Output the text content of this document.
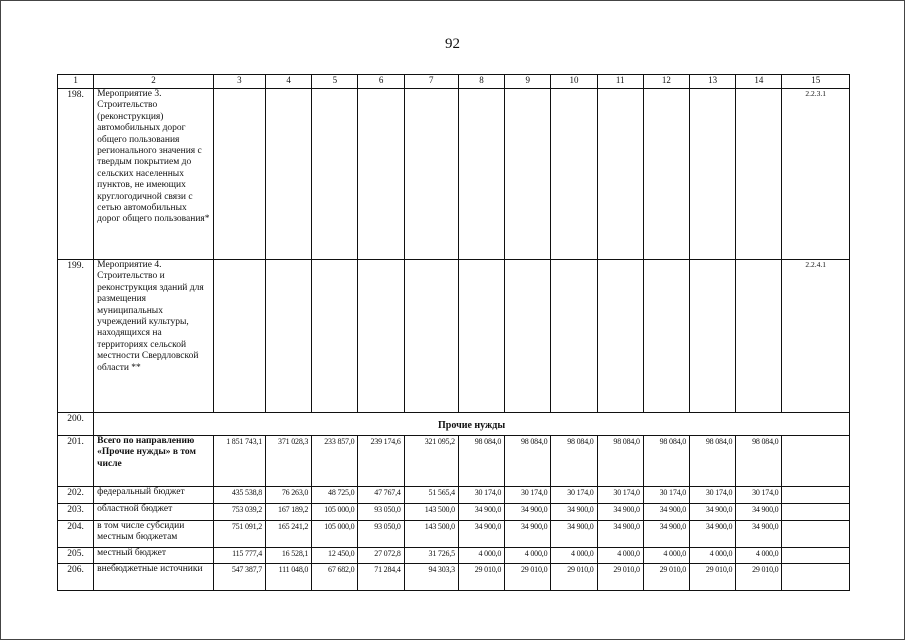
92
1	2	3	4	5	6	7	8	9	10	11	12	13	14	15
198.	Мероприятие 3. Строительство (реконструкция) автомобильных дорог общего пользования регионального значения с твердым покрытием до сельских населенных пунктов, не имеющих круглогодичной связи с сетью автомобильных дорог общего пользования*													2.2.3.1
199.	Мероприятие 4. Строительство и реконструкция зданий для размещения муниципальных учреждений культуры, находящихся на территориях сельской местности Свердловской области **													2.2.4.1
200.	Прочие нужды													
201.	Всего по направлению «Прочие нужды» в том числе	1 851 743,1	371 028,3	233 857,0	239 174,6	321 095,2	98 084,0	98 084,0	98 084,0	98 084,0	98 084,0	98 084,0	98 084,0	
202.	федеральный бюджет	435 538,8	76 263,0	48 725,0	47 767,4	51 565,4	30 174,0	30 174,0	30 174,0	30 174,0	30 174,0	30 174,0	30 174,0	
203.	областной бюджет	753 039,2	167 189,2	105 000,0	93 050,0	143 500,0	34 900,0	34 900,0	34 900,0	34 900,0	34 900,0	34 900,0	34 900,0	
204.	в том числе субсидии местным бюджетам	751 091,2	165 241,2	105 000,0	93 050,0	143 500,0	34 900,0	34 900,0	34 900,0	34 900,0	34 900,0	34 900,0	34 900,0	
205.	местный бюджет	115 777,4	16 528,1	12 450,0	27 072,8	31 726,5	4 000,0	4 000,0	4 000,0	4 000,0	4 000,0	4 000,0	4 000,0	
206.	внебюджетные источники	547 387,7	111 048,0	67 682,0	71 284,4	94 303,3	29 010,0	29 010,0	29 010,0	29 010,0	29 010,0	29 010,0	29 010,0	
